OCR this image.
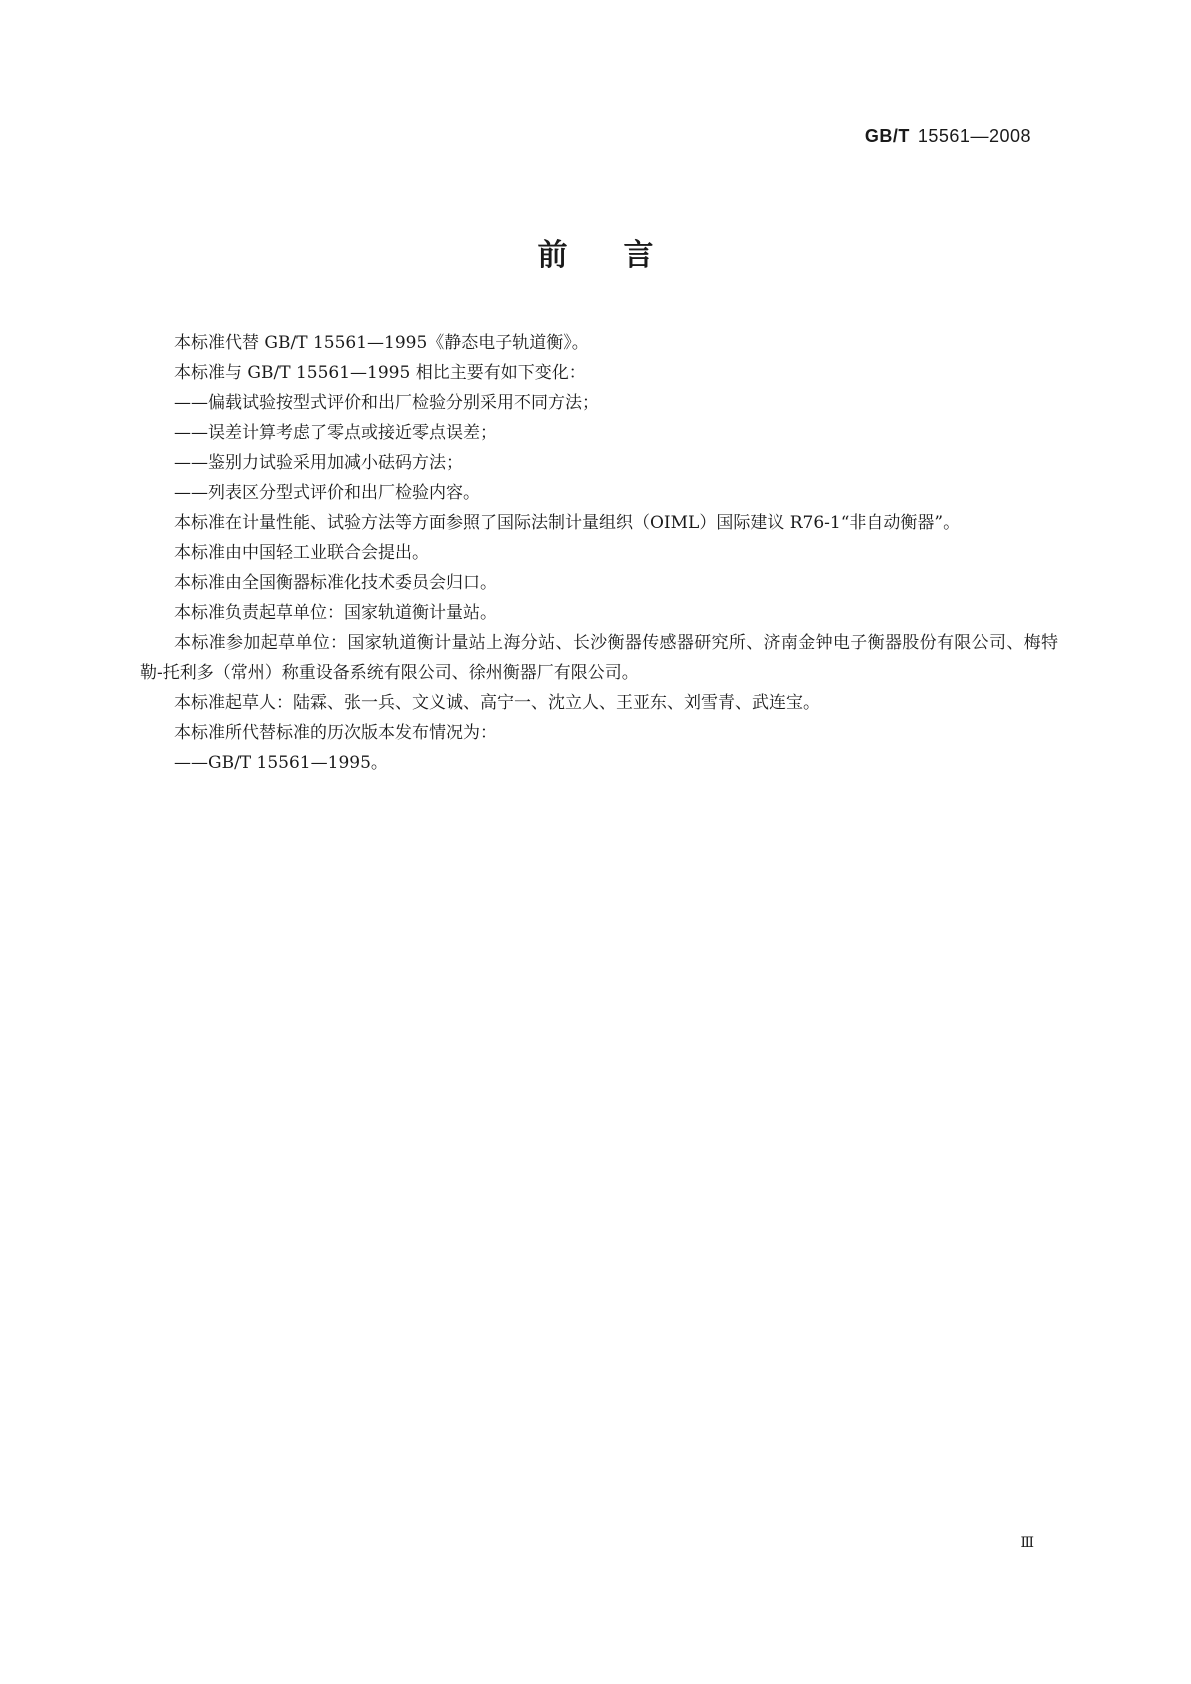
GB/T 15561—2008
前言

本标准代替 GB/T 15561—1995《静态电子轨道衡》。

本标准与 GB/T 15561—1995 相比主要有如下变化：

——偏载试验按型式评价和出厂检验分别采用不同方法；

——误差计算考虑了零点或接近零点误差；

——鉴别力试验采用加减小砝码方法；

——列表区分型式评价和出厂检验内容。

本标准在计量性能、试验方法等方面参照了国际法制计量组织（OIML）国际建议 R76-1“非自动衡器”。

本标准由中国轻工业联合会提出。

本标准由全国衡器标准化技术委员会归口。

本标准负责起草单位：国家轨道衡计量站。

本标准参加起草单位：国家轨道衡计量站上海分站、长沙衡器传感器研究所、济南金钟电子衡器股份有限公司、梅特勒-托利多（常州）称重设备系统有限公司、徐州衡器厂有限公司。

本标准起草人：陆霖、张一兵、文义诚、高宁一、沈立人、王亚东、刘雪青、武连宝。

本标准所代替标准的历次版本发布情况为：

——GB/T 15561—1995。

Ⅲ
